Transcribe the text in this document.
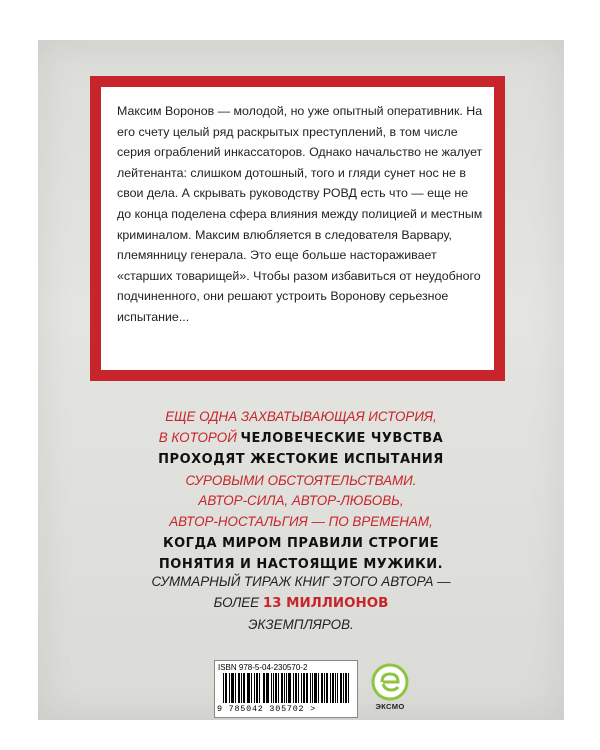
Максим Воронов — молодой, но уже опытный оперативник. На его счету целый ряд раскрытых преступлений, в том числе серия ограблений инкассаторов. Однако начальство не жалует лейтенанта: слишком дотошный, того и гляди сунет нос не в свои дела. А скрывать руководству РОВД есть что — еще не до конца поделена сфера влияния между полицией и местным криминалом. Максим влюбляется в следователя Варвару, племянницу генерала. Это еще больше настораживает «старших товарищей». Чтобы разом избавиться от неудобного подчиненного, они решают устроить Воронову серьезное испытание...

ЕЩЕ ОДНА ЗАХВАТЫВАЮЩАЯ ИСТОРИЯ,
В КОТОРОЙ ЧЕЛОВЕЧЕСКИЕ ЧУВСТВА
ПРОХОДЯТ ЖЕСТОКИЕ ИСПЫТАНИЯ
СУРОВЫМИ ОБСТОЯТЕЛЬСТВАМИ.
АВТОР-СИЛА, АВТОР-ЛЮБОВЬ,
АВТОР-НОСТАЛЬГИЯ — ПО ВРЕМЕНАМ,
КОГДА МИРОМ ПРАВИЛИ СТРОГИЕ
ПОНЯТИЯ И НАСТОЯЩИЕ МУЖИКИ.
СУММАРНЫЙ ТИРАЖ КНИГ ЭТОГО АВТОРА —
БОЛЕЕ 13 МИЛЛИОНОВ
ЭКЗЕМПЛЯРОВ.
ISBN 978-5-04-230570-2
9 785042 305702 >	ЭКСМО
